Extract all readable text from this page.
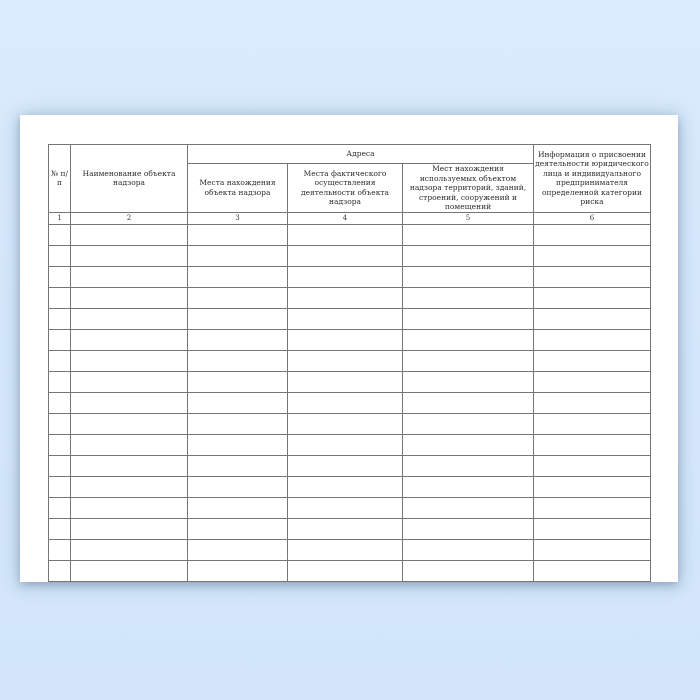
№ п/п	Наименование объекта надзора	Адреса			Информация о присвоении деятельности юридического лица и индивидуального предпринимателя определенной категории риска
		Места нахождения объекта надзора	Места фактического осуществления деятельности объекта надзора	Мест нахождения используемых объектом надзора территорий, зданий, строений, сооружений и помещений	
1	2	3	4	5	6
